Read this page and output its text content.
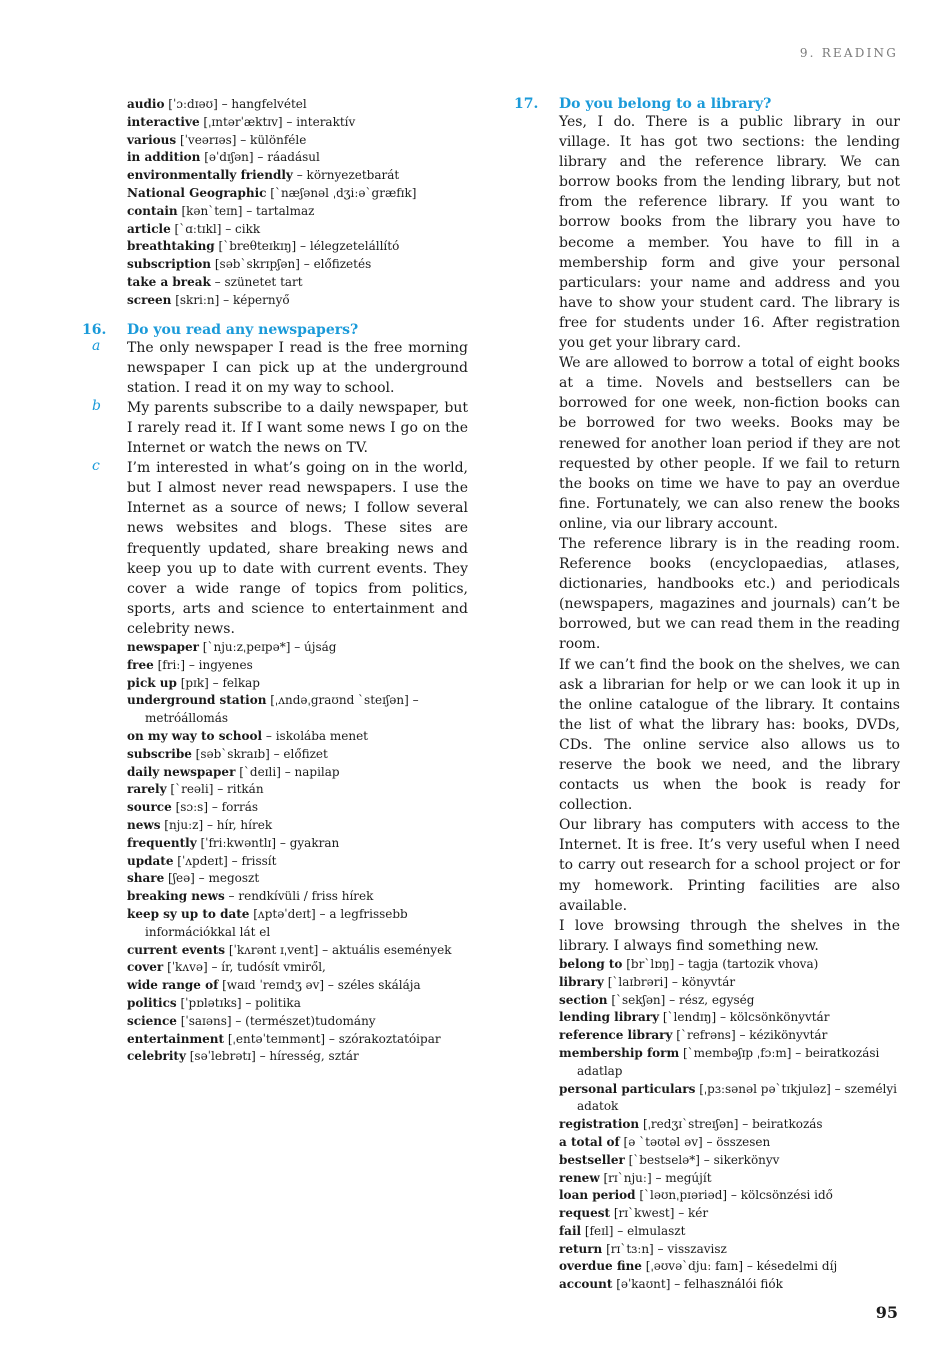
9. READING
audio [ˈɔːdɪəʊ] – hangfelvétel
interactive [ˌɪntərˈæktɪv] – interaktív
various [ˈveərɪəs] – különféle
in addition [əˈdɪʃən] – ráadásul
environmentally friendly – környezetbarát
National Geographic [ˋnæʃənəl ˌdʒiːəˋgræfɪk]
contain [kənˋteɪn] – tartalmaz
article [ˋɑːtɪkl] – cikk
breathtaking [ˋbreθteɪkɪŋ] – lélegzetelállító
subscription [səbˋskrɪpʃən] – előfizetés
take a break – szünetet tart
screen [skriːn] – képernyő
16.	Do you read any newspapers?
a	The only newspaper I read is the free morning newspaper I can pick up at the underground station. I read it on my way to school.
b	My parents subscribe to a daily newspaper, but I rarely read it. If I want some news I go on the Internet or watch the news on TV.
c	I’m interested in what’s going on in the world, but I almost never read newspapers. I use the Internet as a source of news; I follow several news websites and blogs. These sites are frequently updated, share breaking news and keep you up to date with current events. They cover a wide range of topics from politics, sports, arts and science to entertainment and celebrity news.
newspaper [ˋnjuːzˌpeɪpə*] – újság
free [friː] – ingyenes
pick up [pɪk] – felkap
underground station [ˌʌndəˌgraʊnd ˋsteɪʃən] – metróállomás
on my way to school – iskolába menet
subscribe [səbˋskraɪb] – előfizet
daily newspaper [ˋdeɪli] – napilap
rarely [ˋreəli] – ritkán
source [sɔːs] – forrás
news [njuːz] – hír, hírek
frequently [ˈfriːkwəntlɪ] – gyakran
update [ˈʌpdeɪt] – frissít
share [ʃeə] – megoszt
breaking news – rendkívüli / friss hírek
keep sy up to date [ʌptəˈdeɪt] – a legfrissebb információkkal lát el
current events [ˈkʌrənt ɪˌvent] – aktuális események
cover [ˈkʌvə] – ír, tudósít vmiről,
wide range of [waɪd ˈreɪndʒ əv] – széles skálája
politics [ˈpɒlətɪks] – politika
science [ˈsaɪəns] – (természet)tudomány
entertainment [ˌentəˈteɪnmənt] – szórakoztatóipar
celebrity [səˈlebrətɪ] – híresség, sztár
17.	Do you belong to a library?
Yes, I do. There is a public library in our village. It has got two sections: the lending library and the reference library. We can borrow books from the lending library, but not from the reference library. If you want to borrow books from the library you have to become a member. You have to fill in a membership form and give your personal particulars: your name and address and you have to show your student card. The library is free for students under 16. After registration you get your library card.
We are allowed to borrow a total of eight books at a time. Novels and bestsellers can be borrowed for one week, non-fiction books can be borrowed for two weeks. Books may be renewed for another loan period if they are not requested by other people. If we fail to return the books on time we have to pay an overdue fine. Fortunately, we can also renew the books online, via our library account.
The reference library is in the reading room. Reference books (encyclopaedias, atlases, dictionaries, handbooks etc.) and periodicals (newspapers, magazines and journals) can’t be borrowed, but we can read them in the reading room.
If we can’t find the book on the shelves, we can ask a librarian for help or we can look it up in the online catalogue of the library. It contains the list of what the library has: books, DVDs, CDs. The online service also allows us to reserve the book we need, and the library contacts us when the book is ready for collection.
Our library has computers with access to the Internet. It is free. It’s very useful when I need to carry out research for a school project or for my homework. Printing facilities are also available.
I love browsing through the shelves in the library. I always find something new.
belong to [brˋlɒŋ] – tagja (tartozik vhova)
library [ˋlaɪbrəri] – könyvtár
section [ˋsekʃən] – rész, egység
lending library [ˋlendɪŋ] – kölcsönkönyvtár
reference library [ˋrefrəns] – kézikönyvtár
membership form [ˋmembəʃɪp ˌfɔːm] – beiratkozási adatlap
personal particulars [ˌpɜːsənəl pəˋtɪkjuləz] – személyi adatok
registration [ˌredʒɪˋstreɪʃən] – beiratkozás
a total of [ə ˋtəʊtəl əv] – összesen
bestseller [ˋbestselə*] – sikerkönyv
renew [rɪˋnjuː] – megújít
loan period [ˋləʊnˌpɪəriəd] – kölcsönzési idő
request [rɪˋkwest] – kér
fail [feɪl] – elmulaszt
return [rɪˋtɜːn] – visszavisz
overdue fine [ˌəʊvəˋdjuː faɪn] – késedelmi díj
account [əˈkaʊnt] – felhasználói fiók
95
